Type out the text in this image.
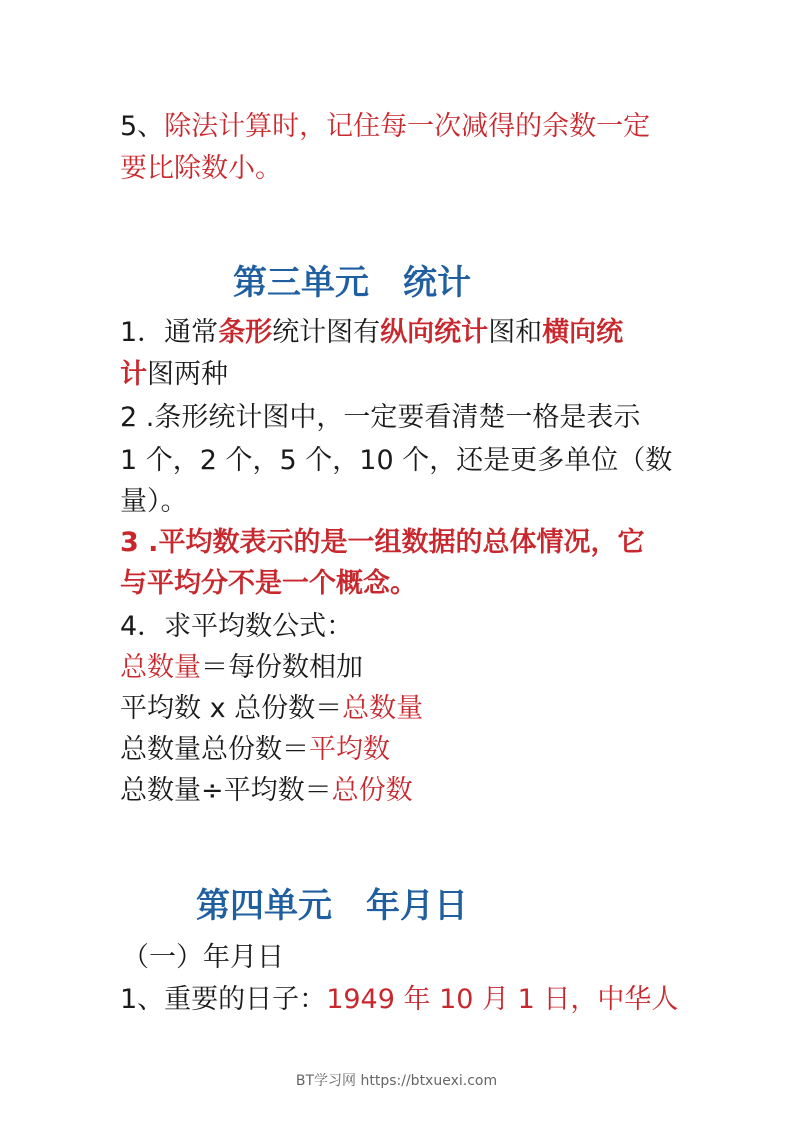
5、除法计算时，记住每一次减得的余数一定
要比除数小。
第三单元　统计
1．通常条形统计图有纵向统计图和横向统
计图两种
2 .条形统计图中，一定要看清楚一格是表示
1 个，2 个，5 个，10 个，还是更多单位（数
量）。
3 .平均数表示的是一组数据的总体情况，它
与平均分不是一个概念。
4．求平均数公式：
总数量＝每份数相加
平均数 x 总份数＝总数量
总数量总份数＝平均数
总数量÷平均数＝总份数
第四单元　年月日
（一）年月日
1、重要的日子：1949 年 10 月 1 日，中华人
BT学习网 https://btxuexi.com
